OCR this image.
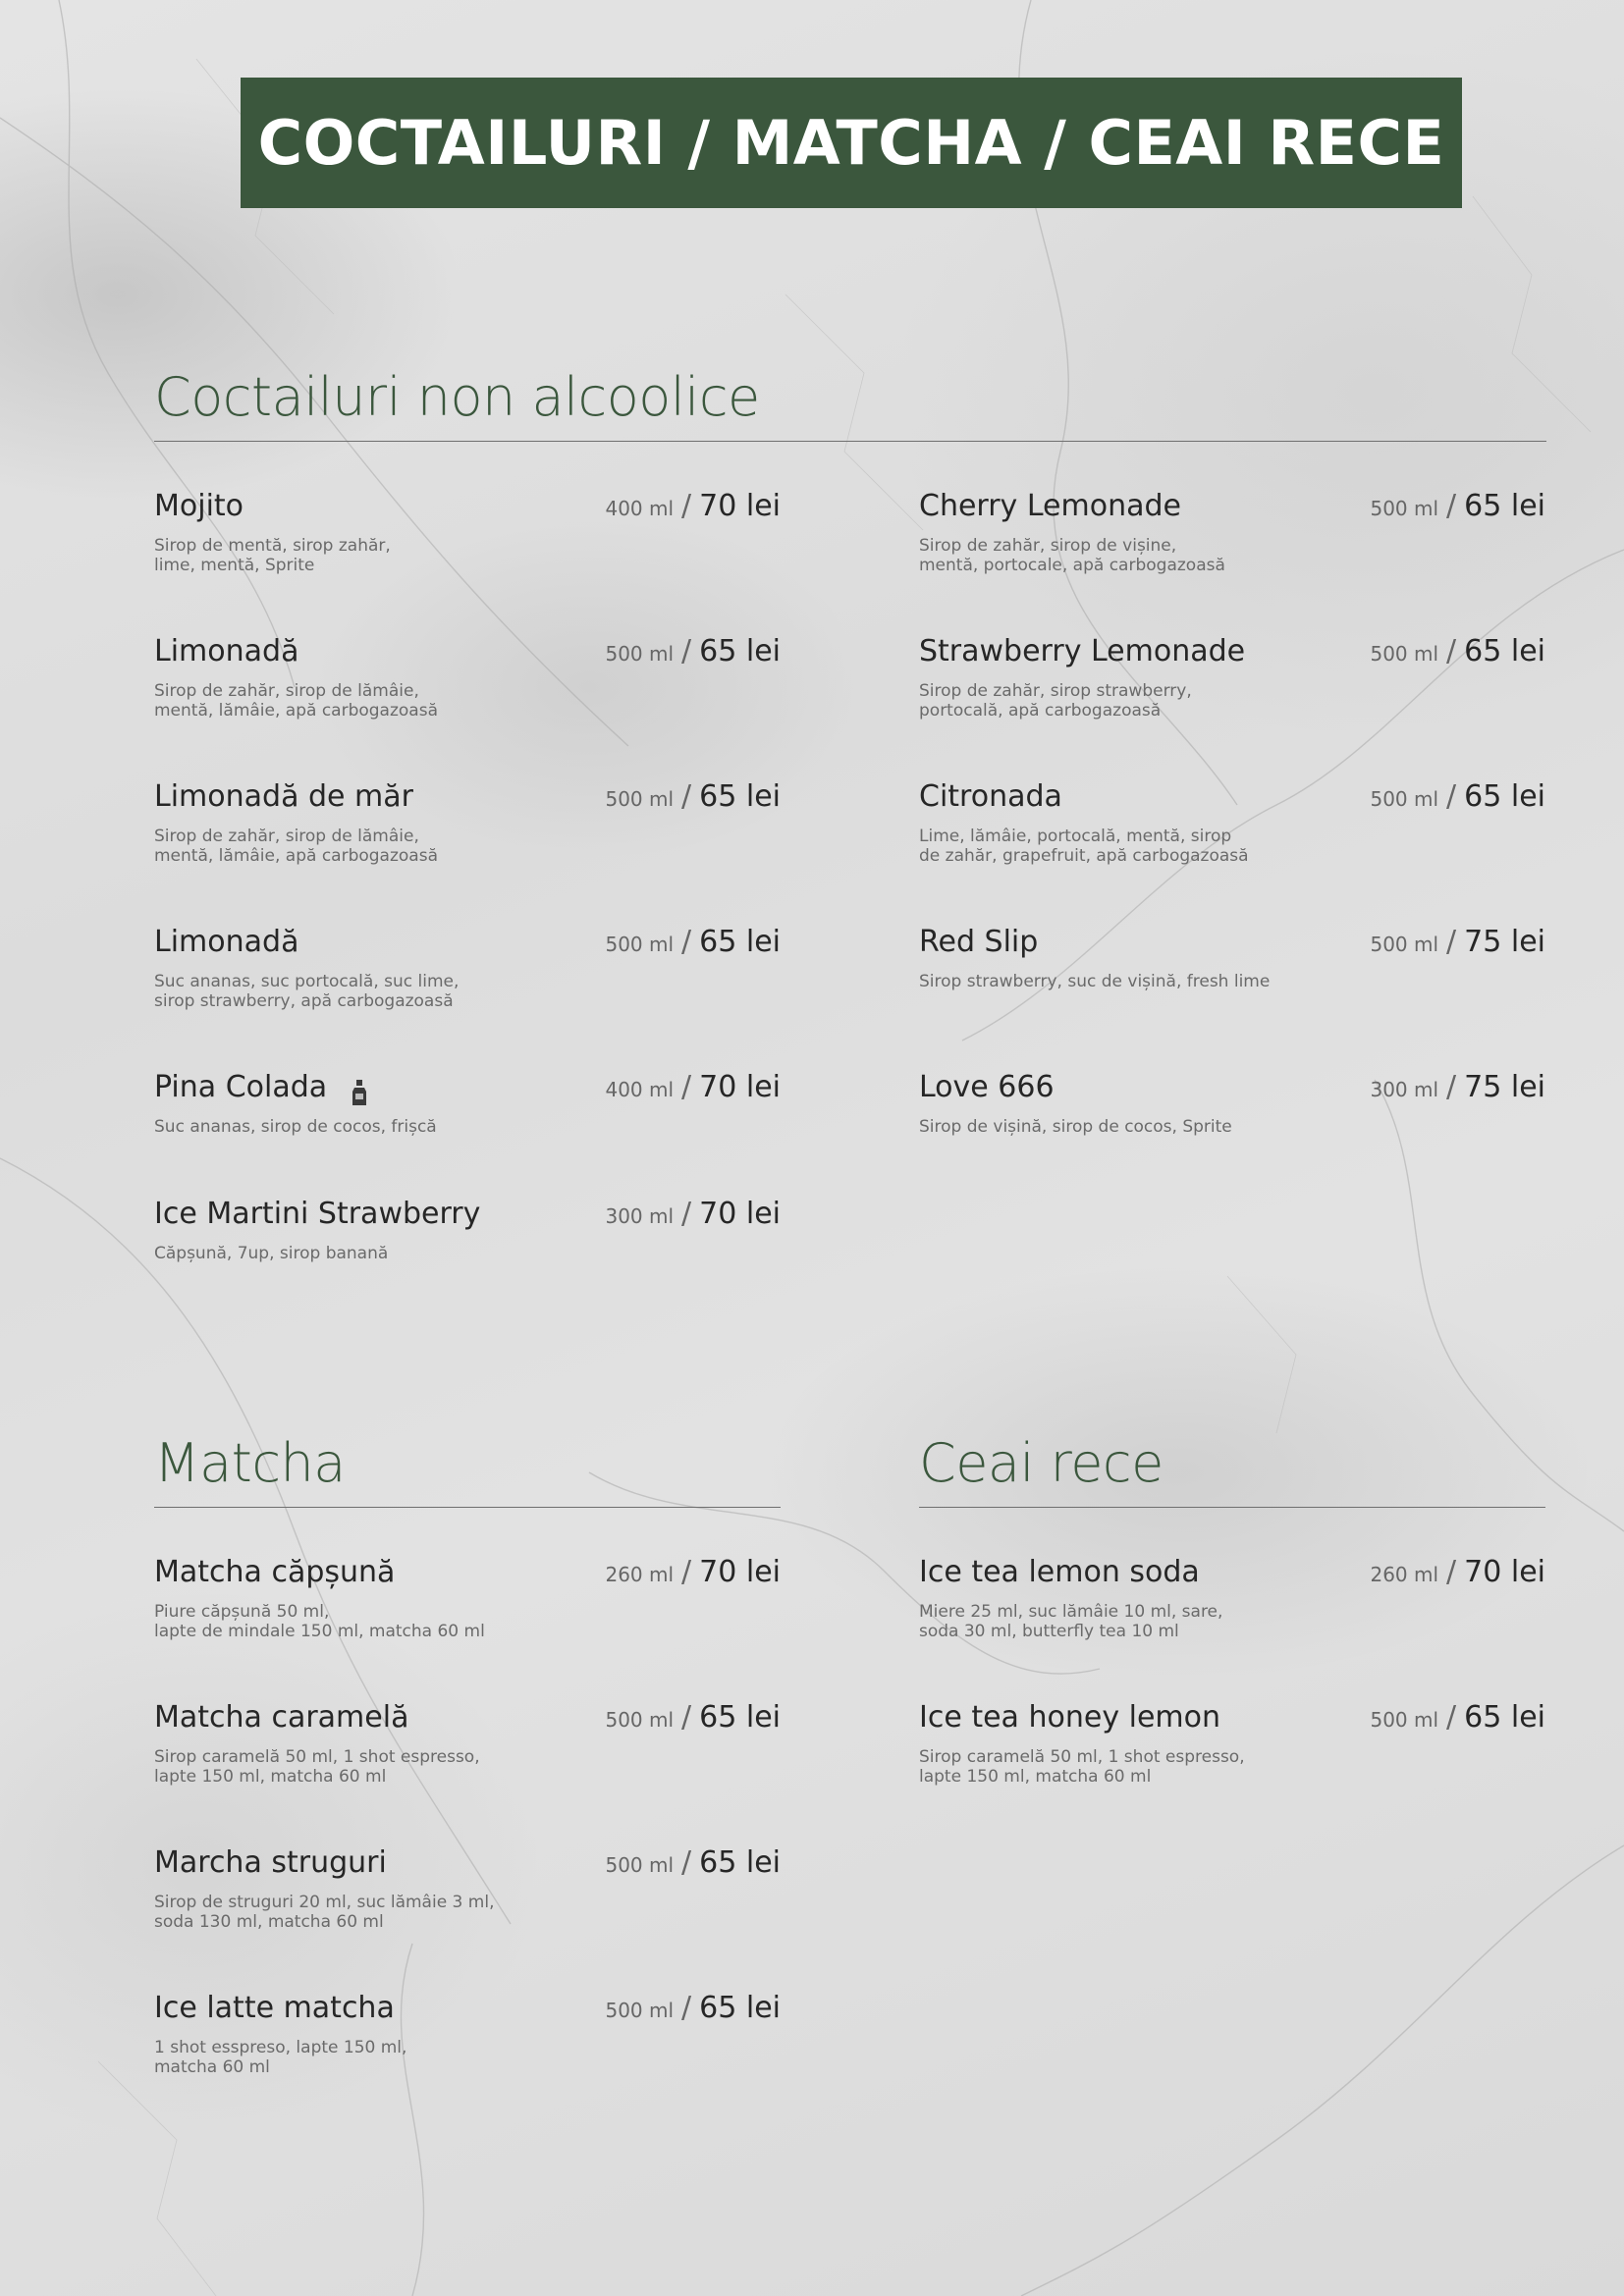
COCTAILURI / MATCHA / CEAI RECE
Coctailuri non alcoolice
Mojito	400 ml / 70 lei
Sirop de mentă, sirop zahăr,
lime, mentă, Sprite
Limonadă	500 ml / 65 lei
Sirop de zahăr, sirop de lămâie,
mentă, lămâie, apă carbogazoasă
Limonadă de măr	500 ml / 65 lei
Sirop de zahăr, sirop de lămâie,
mentă, lămâie, apă carbogazoasă
Limonadă	500 ml / 65 lei
Suc ananas, suc portocală, suc lime,
sirop strawberry, apă carbogazoasă
Pina Colada	400 ml / 70 lei
Suc ananas, sirop de cocos, frișcă
Ice Martini Strawberry	300 ml / 70 lei
Căpșună, 7up, sirop banană
Cherry Lemonade	500 ml / 65 lei
Sirop de zahăr, sirop de vișine,
mentă, portocale, apă carbogazoasă
Strawberry Lemonade	500 ml / 65 lei
Sirop de zahăr, sirop strawberry,
portocală, apă carbogazoasă
Citronada	500 ml / 65 lei
Lime, lămâie, portocală, mentă, sirop
de zahăr, grapefruit, apă carbogazoasă
Red Slip	500 ml / 75 lei
Sirop strawberry, suc de vișină, fresh lime
Love 666	300 ml / 75 lei
Sirop de vișină, sirop de cocos, Sprite
Matcha
Matcha căpșună	260 ml / 70 lei
Piure căpșună 50 ml,
lapte de mindale 150 ml, matcha 60 ml
Matcha caramelă	500 ml / 65 lei
Sirop caramelă 50 ml, 1 shot espresso,
lapte 150 ml, matcha 60 ml
Marcha struguri	500 ml / 65 lei
Sirop de struguri 20 ml, suc lămâie 3 ml,
soda 130 ml, matcha 60 ml
Ice latte matcha	500 ml / 65 lei
1 shot esspreso, lapte 150 ml,
matcha 60 ml
Ceai rece
Ice tea lemon soda	260 ml / 70 lei
Miere 25 ml, suc lămâie 10 ml, sare,
soda 30 ml, butterfly tea 10 ml
Ice tea honey lemon	500 ml / 65 lei
Sirop caramelă 50 ml, 1 shot espresso,
lapte 150 ml, matcha 60 ml
